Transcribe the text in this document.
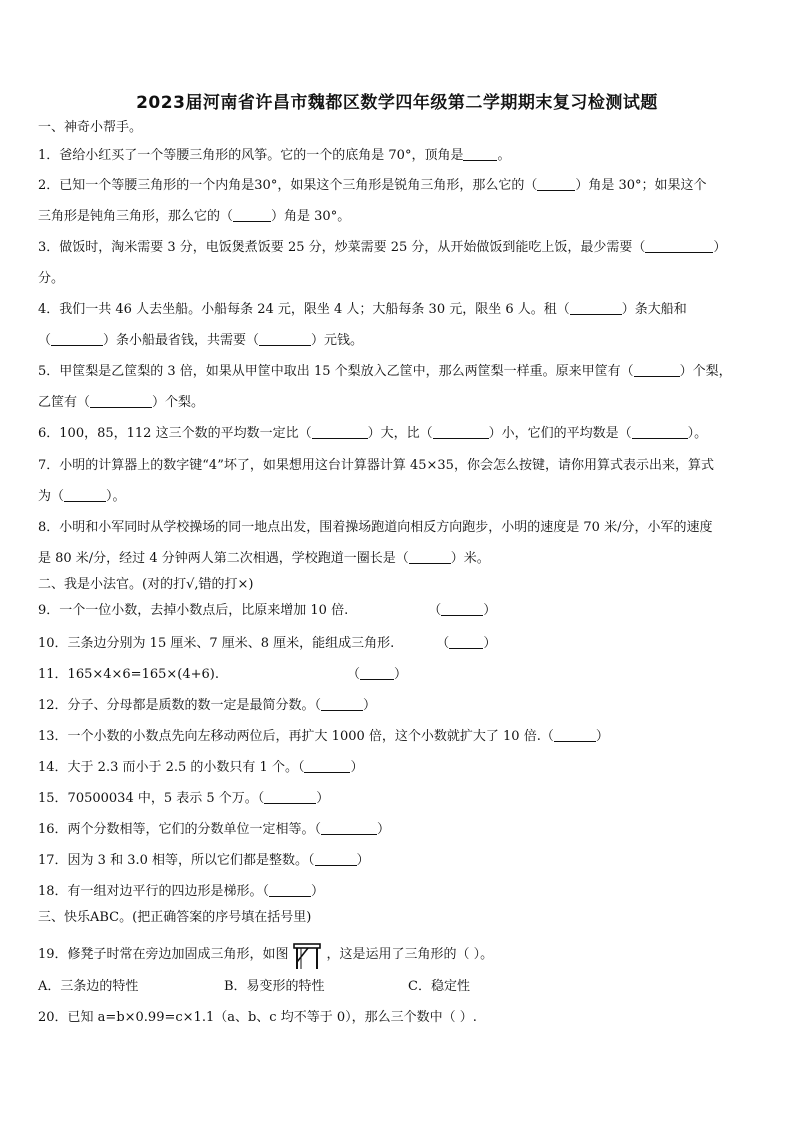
2023届河南省许昌市魏都区数学四年级第二学期期末复习检测试题
一、神奇小帮手。
1．爸给小红买了一个等腰三角形的风筝。它的一个的底角是 70°，顶角是	。
2．已知一个等腰三角形的一个内角是30°，如果这个三角形是锐角三角形，那么它的（	）角是 30°；如果这个
三角形是钝角三角形，那么它的（	）角是 30°。
3．做饭时，淘米需要 3 分，电饭煲煮饭要 25 分，炒菜需要 25 分，从开始做饭到能吃上饭，最少需要（	）
分。
4．我们一共 46 人去坐船。小船每条 24 元，限坐 4 人；大船每条 30 元，限坐 6 人。租（	）条大船和
（	）条小船最省钱，共需要（	）元钱。
5．甲筐梨是乙筐梨的 3 倍，如果从甲筐中取出 15 个梨放入乙筐中，那么两筐梨一样重。原来甲筐有（	）个梨，
乙筐有（	）个梨。
6．100，85，112 这三个数的平均数一定比（	）大，比（	）小，它们的平均数是（	）。
7．小明的计算器上的数字键“4”坏了，如果想用这台计算器计算 45×35，你会怎么按键，请你用算式表示出来，算式
为（	）。
8．小明和小军同时从学校操场的同一地点出发，围着操场跑道向相反方向跑步，小明的速度是 70 米/分，小军的速度
是 80 米/分，经过 4 分钟两人第二次相遇，学校跑道一圈长是（	）米。
二、我是小法官。(对的打√,错的打×)
9．一个一位小数，去掉小数点后，比原来增加 10 倍.	（	）
10．三条边分别为 15 厘米、7 厘米、8 厘米，能组成三角形.	（	）
11．165×4×6=165×(4+6).	（	）
12．分子、分母都是质数的数一定是最简分数。（	）
13．一个小数的小数点先向左移动两位后，再扩大 1000 倍，这个小数就扩大了 10 倍.（	）
14．大于 2.3 而小于 2.5 的小数只有 1 个。（	）
15．70500034 中，5 表示 5 个万。（	）
16．两个分数相等，它们的分数单位一定相等。（	）
17．因为 3 和 3.0 相等，所以它们都是整数。（	）
18．有一组对边平行的四边形是梯形。（	）
三、快乐ABC。(把正确答案的序号填在括号里)
19．修凳子时常在旁边加固成三角形，如图	，这是运用了三角形的（ ）。
A．三条边的特性	B．易变形的特性	C．稳定性
20．已知 a=b×0.99=c×1.1（a、b、c 均不等于 0），那么三个数中（ ）.
